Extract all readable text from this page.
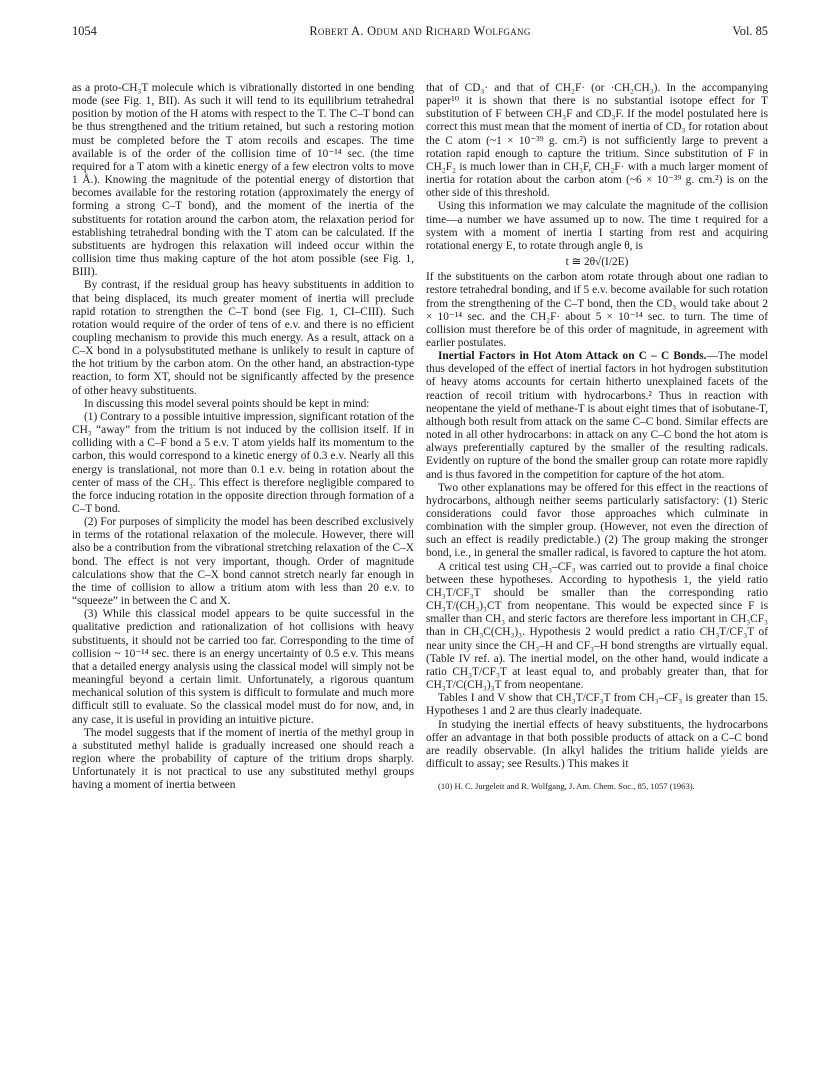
1054	Robert A. Odum and Richard Wolfgang	Vol. 85

as a proto-CH₃T molecule which is vibrationally distorted in one bending mode (see Fig. 1, BII). As such it will tend to its equilibrium tetrahedral position by motion of the H atoms with respect to the T. The C–T bond can be thus strengthened and the tritium retained, but such a restoring motion must be completed before the T atom recoils and escapes. The time available is of the order of the collision time of 10⁻¹⁴ sec. (the time required for a T atom with a kinetic energy of a few electron volts to move 1 Å.). Knowing the magnitude of the potential energy of distortion that becomes available for the restoring rotation (approximately the energy of forming a strong C–T bond), and the moment of the inertia of the substituents for rotation around the carbon atom, the relaxation period for establishing tetrahedral bonding with the T atom can be calculated. If the substituents are hydrogen this relaxation will indeed occur within the collision time thus making capture of the hot atom possible (see Fig. 1, BIII).

By contrast, if the residual group has heavy substituents in addition to that being displaced, its much greater moment of inertia will preclude rapid rotation to strengthen the C–T bond (see Fig. 1, CI–CIII). Such rotation would require of the order of tens of e.v. and there is no efficient coupling mechanism to provide this much energy. As a result, attack on a C–X bond in a polysubstituted methane is unlikely to result in capture of the hot tritium by the carbon atom. On the other hand, an abstraction-type reaction, to form XT, should not be significantly affected by the presence of other heavy substituents.

In discussing this model several points should be kept in mind:

(1) Contrary to a possible intuitive impression, significant rotation of the CH₃ “away” from the tritium is not induced by the collision itself. If in colliding with a C–F bond a 5 e.v. T atom yields half its momentum to the carbon, this would correspond to a kinetic energy of 0.3 e.v. Nearly all this energy is translational, not more than 0.1 e.v. being in rotation about the center of mass of the CH₃. This effect is therefore negligible compared to the force inducing rotation in the opposite direction through formation of a C–T bond.

(2) For purposes of simplicity the model has been described exclusively in terms of the rotational relaxation of the molecule. However, there will also be a contribution from the vibrational stretching relaxation of the C–X bond. The effect is not very important, though. Order of magnitude calculations show that the C–X bond cannot stretch nearly far enough in the time of collision to allow a tritium atom with less than 20 e.v. to “squeeze” in between the C and X.

(3) While this classical model appears to be quite successful in the qualitative prediction and rationalization of hot collisions with heavy substituents, it should not be carried too far. Corresponding to the time of collision ~ 10⁻¹⁴ sec. there is an energy uncertainty of 0.5 e.v. This means that a detailed energy analysis using the classical model will simply not be meaningful beyond a certain limit. Unfortunately, a rigorous quantum mechanical solution of this system is difficult to formulate and much more difficult still to evaluate. So the classical model must do for now, and, in any case, it is useful in providing an intuitive picture.

The model suggests that if the moment of inertia of the methyl group in a substituted methyl halide is gradually increased one should reach a region where the probability of capture of the tritium drops sharply. Unfortunately it is not practical to use any substituted methyl groups having a moment of inertia between

that of CD₃· and that of CH₂F· (or ·CH₂CH₃). In the accompanying paper¹⁰ it is shown that there is no substantial isotope effect for T substitution of F between CH₃F and CD₃F. If the model postulated here is correct this must mean that the moment of inertia of CD₃ for rotation about the C atom (~1 × 10⁻³⁹ g. cm.²) is not sufficiently large to prevent a rotation rapid enough to capture the tritium. Since substitution of F in CH₂F₂ is much lower than in CH₃F, CH₂F· with a much larger moment of inertia for rotation about the carbon atom (~6 × 10⁻³⁹ g. cm.²) is on the other side of this threshold.

Using this information we may calculate the magnitude of the collision time—a number we have assumed up to now. The time t required for a system with a moment of inertia I starting from rest and acquiring rotational energy E, to rotate through angle θ, is

t ≅ 2θ√(I/2E)

If the substituents on the carbon atom rotate through about one radian to restore tetrahedral bonding, and if 5 e.v. become available for such rotation from the strengthening of the C–T bond, then the CD₃ would take about 2 × 10⁻¹⁴ sec. and the CH₂F· about 5 × 10⁻¹⁴ sec. to turn. The time of collision must therefore be of this order of magnitude, in agreement with earlier postulates.

Inertial Factors in Hot Atom Attack on C – C Bonds.—The model thus developed of the effect of inertial factors in hot hydrogen substitution of heavy atoms accounts for certain hitherto unexplained facets of the reaction of recoil tritium with hydrocarbons.² Thus in reaction with neopentane the yield of methane-T is about eight times that of isobutane-T, although both result from attack on the same C–C bond. Similar effects are noted in all other hydrocarbons: in attack on any C–C bond the hot atom is always preferentially captured by the smaller of the resulting radicals. Evidently on rupture of the bond the smaller group can rotate more rapidly and is thus favored in the competition for capture of the hot atom.

Two other explanations may be offered for this effect in the reactions of hydrocarbons, although neither seems particularly satisfactory: (1) Steric considerations could favor those approaches which culminate in combination with the simpler group. (However, not even the direction of such an effect is readily predictable.) (2) The group making the stronger bond, i.e., in general the smaller radical, is favored to capture the hot atom.

A critical test using CH₃–CF₃ was carried out to provide a final choice between these hypotheses. According to hypothesis 1, the yield ratio CH₃T/CF₃T should be smaller than the corresponding ratio CH₃T/(CH₃)₃CT from neopentane. This would be expected since F is smaller than CH₃ and steric factors are therefore less important in CH₃CF₃ than in CH₃C(CH₃)₃. Hypothesis 2 would predict a ratio CH₃T/CF₃T of near unity since the CH₃–H and CF₃–H bond strengths are virtually equal. (Table IV ref. a). The inertial model, on the other hand, would indicate a ratio CH₃T/CF₃T at least equal to, and probably greater than, that for CH₃T/C(CH₃)₃T from neopentane.

Tables I and V show that CH₃T/CF₃T from CH₃–CF₃ is greater than 15. Hypotheses 1 and 2 are thus clearly inadequate.

In studying the inertial effects of heavy substituents, the hydrocarbons offer an advantage in that both possible products of attack on a C–C bond are readily observable. (In alkyl halides the tritium halide yields are difficult to assay; see Results.) This makes it

(10) H. C. Jurgeleit and R. Wolfgang, J. Am. Chem. Soc., 85, 1057 (1963).
